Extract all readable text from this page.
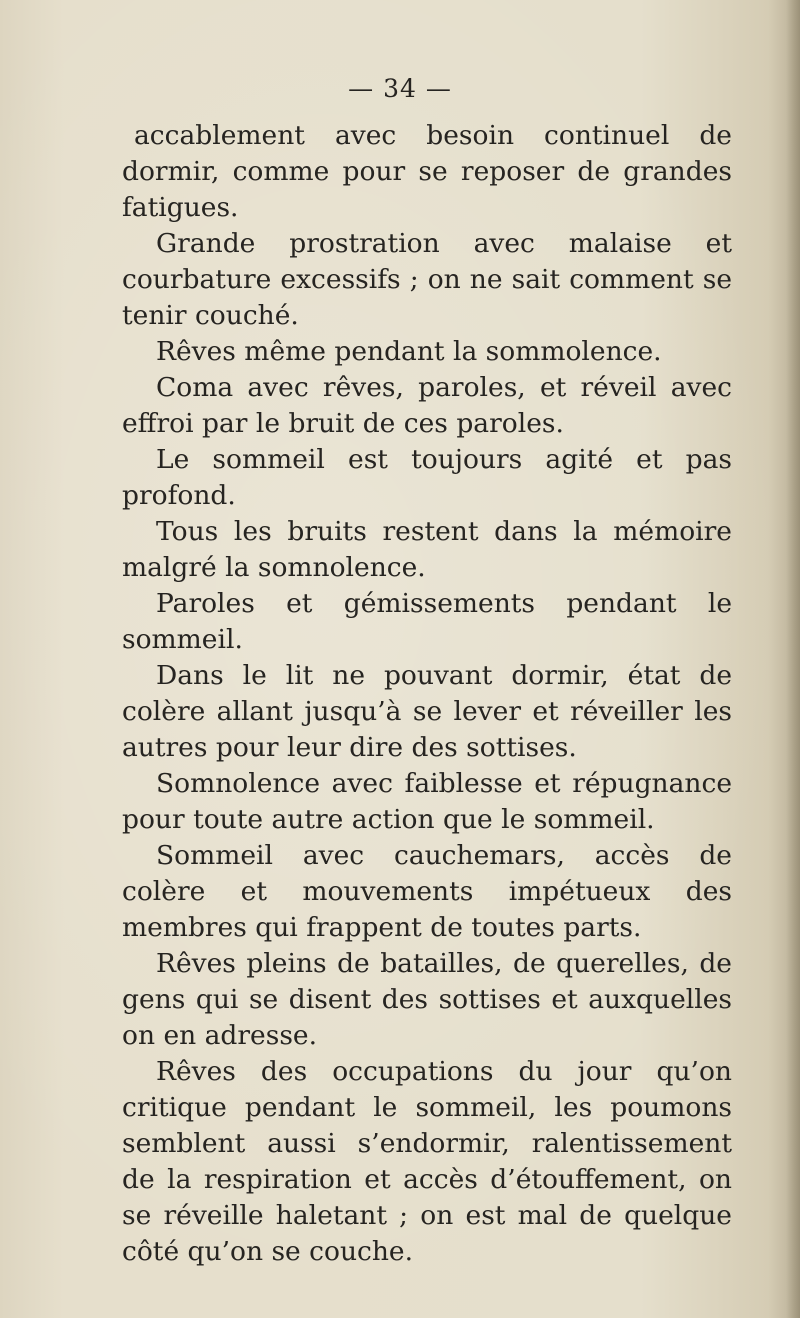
— 34 —

accablement avec besoin continuel de dormir, comme pour se reposer de grandes fatigues.

Grande prostration avec malaise et courbature excessifs ; on ne sait comment se tenir couché.

Rêves même pendant la sommolence.

Coma avec rêves, paroles, et réveil avec effroi par le bruit de ces paroles.

Le sommeil est toujours agité et pas profond.

Tous les bruits restent dans la mémoire malgré la somnolence.

Paroles et gémissements pendant le sommeil.

Dans le lit ne pouvant dormir, état de colère allant jusqu’à se lever et réveiller les autres pour leur dire des sottises.

Somnolence avec faiblesse et répugnance pour toute autre action que le sommeil.

Sommeil avec cauchemars, accès de colère et mouvements impétueux des membres qui frappent de toutes parts.

Rêves pleins de batailles, de querelles, de gens qui se disent des sottises et auxquelles on en adresse.

Rêves des occupations du jour qu’on critique pendant le sommeil, les poumons semblent aussi s’endormir, ralentissement de la respiration et accès d’étouffement, on se réveille haletant ; on est mal de quelque côté qu’on se couche.
